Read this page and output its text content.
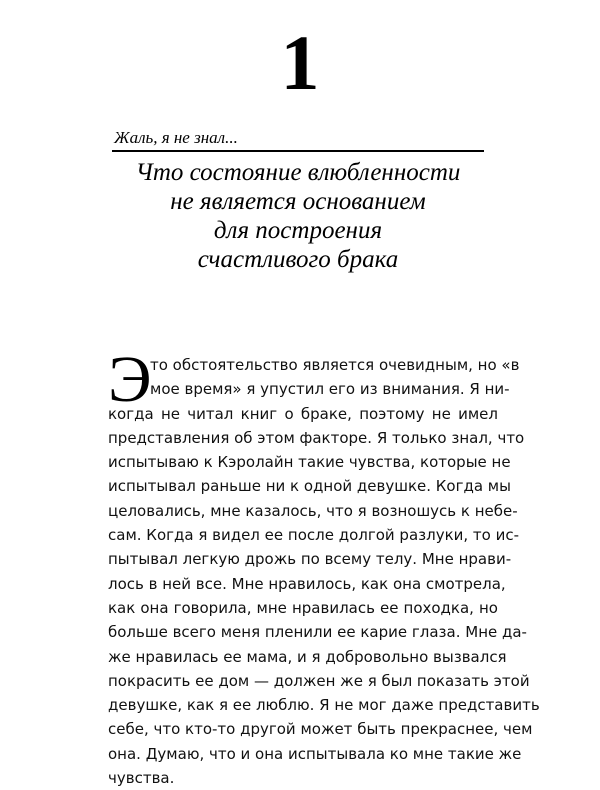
1
Жаль, я не знал...
Что состояние влюбленности
не является основанием
для построения
счастливого брака
Э
то обстоятельство является очевидным, но «в
мое время» я упустил его из внимания. Я ни-
когда не читал книг о браке, поэтому не имел
представления об этом факторе. Я только знал, что
испытываю к Кэролайн такие чувства, которые не
испытывал раньше ни к одной девушке. Когда мы
целовались, мне казалось, что я возношусь к небе-
сам. Когда я видел ее после долгой разлуки, то ис-
пытывал легкую дрожь по всему телу. Мне нрави-
лось в ней все. Мне нравилось, как она смотрела,
как она говорила, мне нравилась ее походка, но
больше всего меня пленили ее карие глаза. Мне да-
же нравилась ее мама, и я добровольно вызвался
покрасить ее дом — должен же я был показать этой
девушке, как я ее люблю. Я не мог даже представить
себе, что кто-то другой может быть прекраснее, чем
она. Думаю, что и она испытывала ко мне такие же
чувства.
